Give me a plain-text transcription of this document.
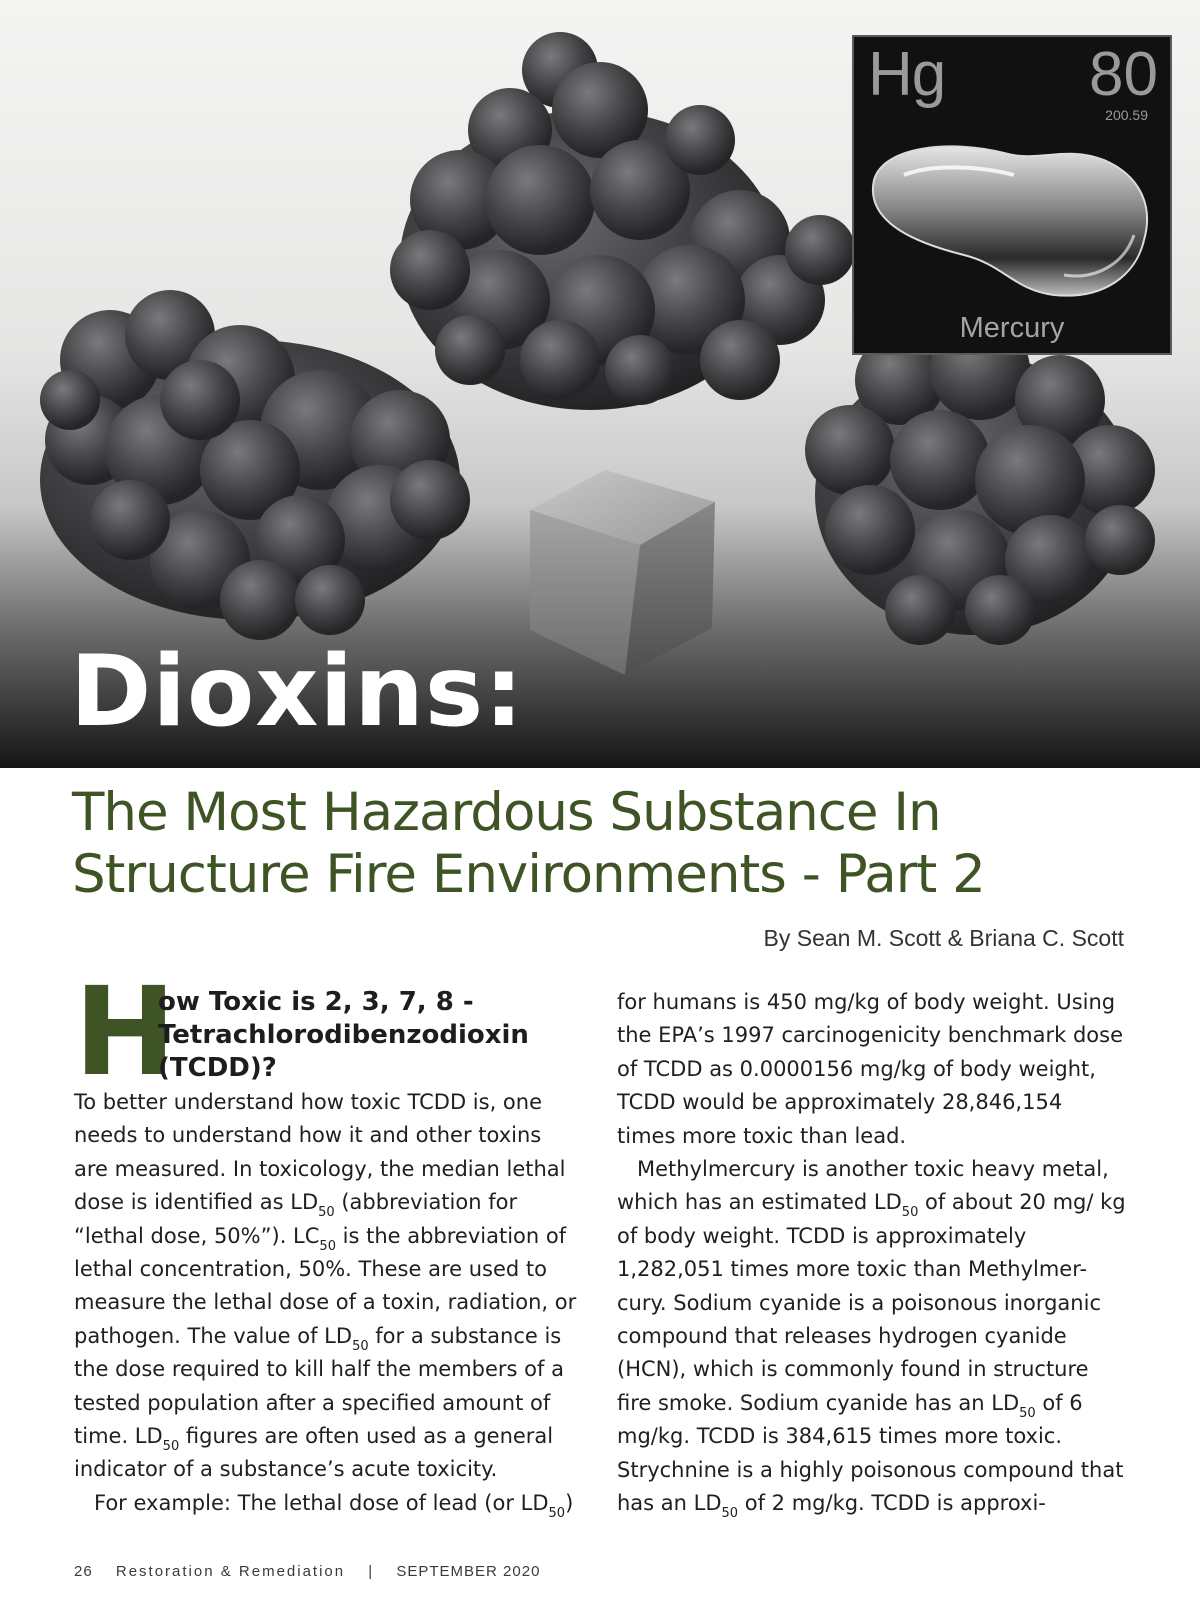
Hg 80
200.59
Mercury
Dioxins:
The Most Hazardous Substance In Structure Fire Environments - Part 2
By Sean M. Scott & Briana C. Scott
H
ow Toxic is 2, 3, 7, 8 - Tetrachlorodibenzodioxin (TCDD)?

To better understand how toxic TCDD is, one needs to understand how it and other toxins are measured. In toxicology, the median lethal dose is identified as $LD_{50}$ (abbreviation for “lethal dose, 50%”). $LC_{50}$ is the abbreviation of lethal concentration, 50%. These are used to measure the lethal dose of a toxin, radiation, or pathogen. The value of $LD_{50}$ for a substance is the dose required to kill half the members of a tested population after a specified amount of time. $LD_{50}$ figures are often used as a general indicator of a substance’s acute toxicity.

For example: The lethal dose of lead (or $LD_{50}$)

for humans is 450 mg/kg of body weight. Using the EPA’s 1997 carcinogenicity benchmark dose of TCDD as 0.0000156 mg/kg of body weight, TCDD would be approximately 28,846,154 times more toxic than lead.

Methylmercury is another toxic heavy metal, which has an estimated $LD_{50}$ of about 20 mg/ kg of body weight. TCDD is approximately 1,282,051 times more toxic than Methylmer-cury. Sodium cyanide is a poisonous inorganic compound that releases hydrogen cyanide (HCN), which is commonly found in structure fire smoke. Sodium cyanide has an $LD_{50}$ of 6 mg/kg. TCDD is 384,615 times more toxic. Strychnine is a highly poisonous compound that has an $LD_{50}$ of 2 mg/kg. TCDD is approxi-

26 Restoration & Remediation | SEPTEMBER 2020
